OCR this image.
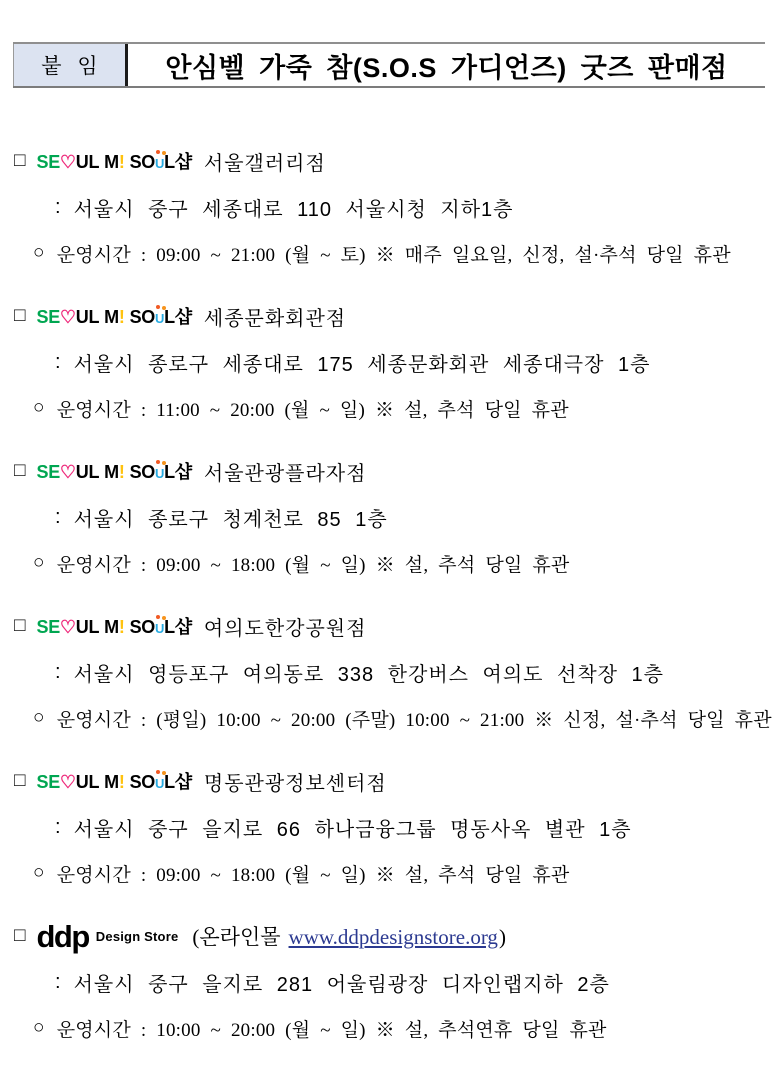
붙 임	안심벨 가죽 참(S.O.S 가디언즈) 굿즈 판매점
□ SE ♡ UL M ! SO U L 샵 서울갤러리점
: 서울시 중구 세종대로 110 서울시청 지하1층
○ 운영시간 : 09:00 ~ 21:00 (월 ~ 토) ※ 매주 일요일, 신정, 설·추석 당일 휴관
□ SE ♡ UL M ! SO U L 샵 세종문화회관점
: 서울시 종로구 세종대로 175 세종문화회관 세종대극장 1층
○ 운영시간 : 11:00 ~ 20:00 (월 ~ 일) ※ 설, 추석 당일 휴관
□ SE ♡ UL M ! SO U L 샵 서울관광플라자점
: 서울시 종로구 청계천로 85 1층
○ 운영시간 : 09:00 ~ 18:00 (월 ~ 일) ※ 설, 추석 당일 휴관
□ SE ♡ UL M ! SO U L 샵 여의도한강공원점
: 서울시 영등포구 여의동로 338 한강버스 여의도 선착장 1층
○ 운영시간 : (평일) 10:00 ~ 20:00 (주말) 10:00 ~ 21:00 ※ 신정, 설·추석 당일 휴관
□ SE ♡ UL M ! SO U L 샵 명동관광정보센터점
: 서울시 중구 을지로 66 하나금융그룹 명동사옥 별관 1층
○ 운영시간 : 09:00 ~ 18:00 (월 ~ 일) ※ 설, 추석 당일 휴관
□ ddp Design Store (온라인몰 www.ddpdesignstore.org)
: 서울시 중구 을지로 281 어울림광장 디자인랩지하 2층
○ 운영시간 : 10:00 ~ 20:00 (월 ~ 일) ※ 설, 추석연휴 당일 휴관
